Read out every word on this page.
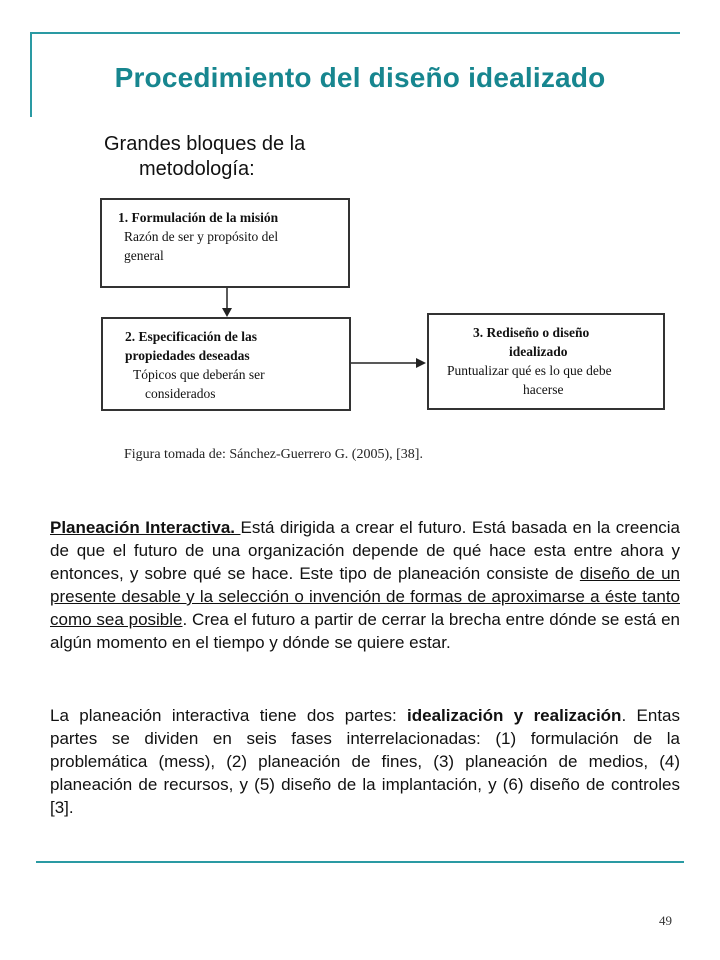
Procedimiento del diseño idealizado
Grandes bloques de la
metodología:
1. Formulación de la misión
Razón de ser y propósito del
general
2. Especificación de las
propiedades deseadas
Tópicos que deberán ser
considerados
3. Rediseño o diseño
idealizado
Puntualizar qué es lo que debe
hacerse
Figura tomada de: Sánchez-Guerrero G. (2005), [38].
Planeación Interactiva. Está dirigida a crear el futuro. Está basada en la creencia de que el futuro de una organización depende de qué hace esta entre ahora y entonces, y sobre qué se hace. Este tipo de planeación consiste de diseño de un presente desable y la selección o invención de formas de aproximarse a éste tanto como sea posible. Crea el futuro a partir de cerrar la brecha entre dónde se está en algún momento en el tiempo y dónde se quiere estar.
La planeación interactiva tiene dos partes: idealización y realización. Entas partes se dividen en seis fases interrelacionadas: (1) formulación de la problemática (mess), (2) planeación de fines, (3) planeación de medios, (4) planeación de recursos, y (5) diseño de la implantación, y (6) diseño de controles [3].
49
